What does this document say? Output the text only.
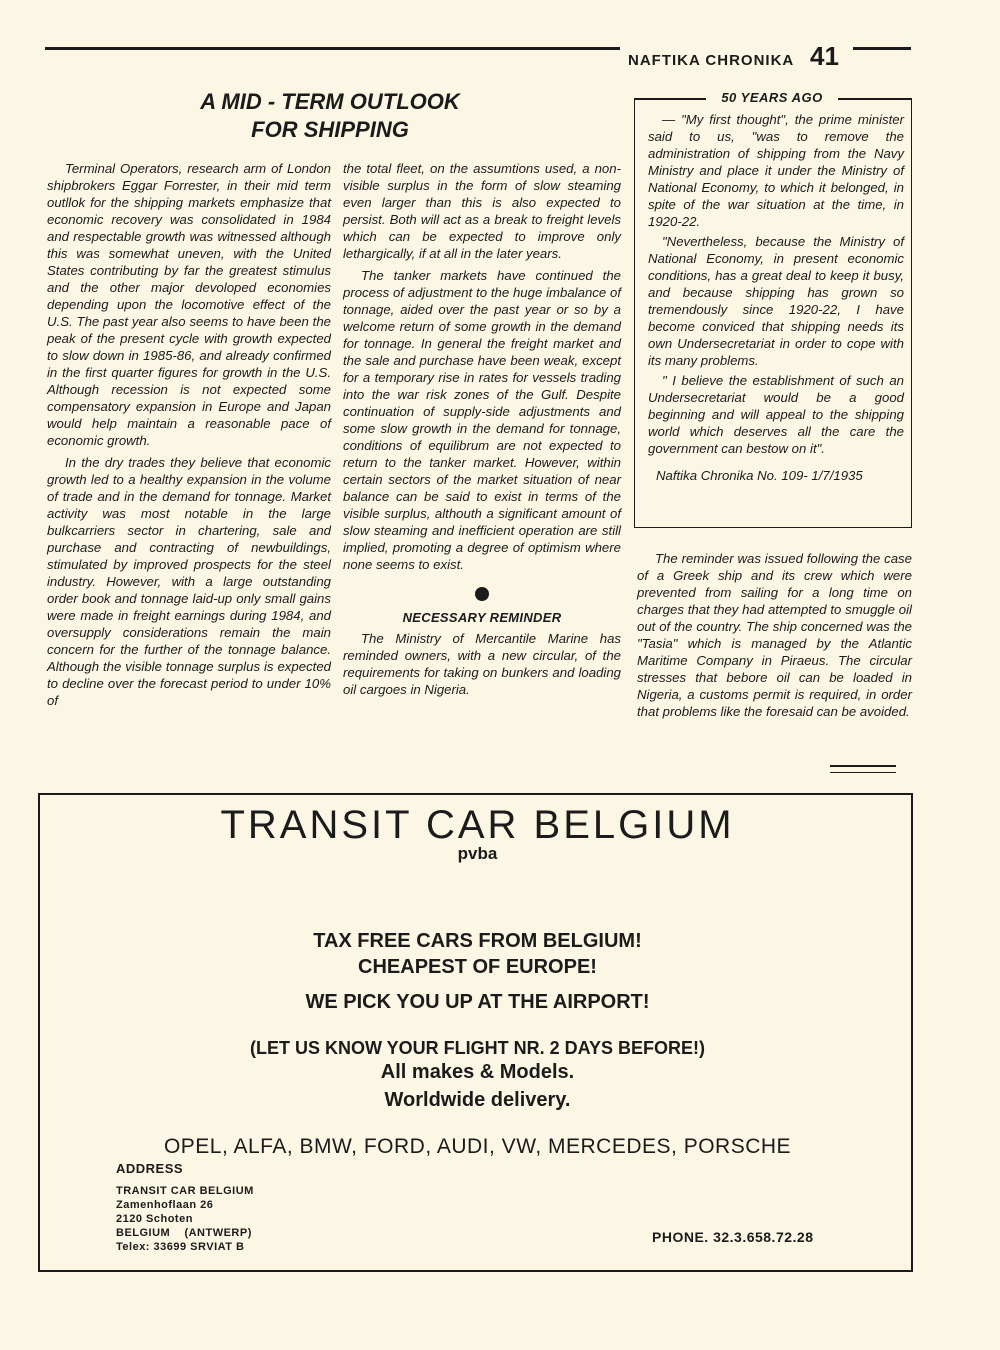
NAFTIKA CHRONIKA 41
A MID - TERM OUTLOOK
FOR SHIPPING

Terminal Operators, research arm of London shipbrokers Eggar Forrester, in their mid term outllok for the shipping markets emphasize that economic recovery was consolidated in 1984 and respectable growth was witnessed although this was somewhat uneven, with the United States contributing by far the greatest stimulus and the other major devoloped economies depending upon the locomotive effect of the U.S. The past year also seems to have been the peak of the present cycle with growth expected to slow down in 1985-86, and already confirmed in the first quarter figures for growth in the U.S. Although recession is not expected some compensatory expansion in Europe and Japan would help maintain a reasonable pace of economic growth.

In the dry trades they believe that economic growth led to a healthy expansion in the volume of trade and in the demand for tonnage. Market activity was most notable in the large bulkcarriers sector in chartering, sale and purchase and contracting of newbuildings, stimulated by improved prospects for the steel industry. However, with a large outstanding order book and tonnage laid-up only small gains were made in freight earnings during 1984, and oversupply considerations remain the main concern for the further of the tonnage balance. Although the visible tonnage surplus is expected to decline over the forecast period to under 10% of

the total fleet, on the assumtions used, a non-visible surplus in the form of slow steaming even larger than this is also expected to persist. Both will act as a break to freight levels which can be expected to improve only lethargically, if at all in the later years.

The tanker markets have continued the process of adjustment to the huge imbalance of tonnage, aided over the past year or so by a welcome return of some growth in the demand for tonnage. In general the freight market and the sale and purchase have been weak, except for a temporary rise in rates for vessels trading into the war risk zones of the Gulf. Despite continuation of supply-side adjustments and some slow growth in the demand for tonnage, conditions of equilibrum are not expected to return to the tanker market. However, within certain sectors of the market situation of near balance can be said to exist in terms of the visible surplus, althouth a significant amount of slow steaming and inefficient operation are still implied, promoting a degree of optimism where none seems to exist.

NECESSARY REMINDER

The Ministry of Mercantile Marine has reminded owners, with a new circular, of the requirements for taking on bunkers and loading oil cargoes in Nigeria.

50 YEARS AGO

— "My first thought", the prime minister said to us, "was to remove the administration of shipping from the Navy Ministry and place it under the Ministry of National Economy, to which it belonged, in spite of the war situation at the time, in 1920-22.

"Nevertheless, because the Ministry of National Economy, in present economic conditions, has a great deal to keep it busy, and because shipping has grown so tremendously since 1920-22, I have become conviced that shipping needs its own Undersecretariat in order to cope with its many problems.

" I believe the establishment of such an Undersecretariat would be a good beginning and will appeal to the shipping world which deserves all the care the government can bestow on it".

Naftika Chronika No. 109- 1/7/1935

The reminder was issued following the case of a Greek ship and its crew which were prevented from sailing for a long time on charges that they had attempted to smuggle oil out of the country. The ship concerned was the "Tasia" which is managed by the Atlantic Maritime Company in Piraeus. The circular stresses that bebore oil can be loaded in Nigeria, a customs permit is required, in order that problems like the foresaid can be avoided.

TRANSIT CAR BELGIUM
pvba
TAX FREE CARS FROM BELGIUM!
CHEAPEST OF EUROPE!
WE PICK YOU UP AT THE AIRPORT!
(LET US KNOW YOUR FLIGHT NR. 2 DAYS BEFORE!)
All makes & Models.
Worldwide delivery.
OPEL, ALFA, BMW, FORD, AUDI, VW, MERCEDES, PORSCHE
ADDRESS
TRANSIT CAR BELGIUM
Zamenhoflaan 26
2120 Schoten
BELGIUM    (ANTWERP)
Telex: 33699 SRVIAT B
PHONE. 32.3.658.72.28
